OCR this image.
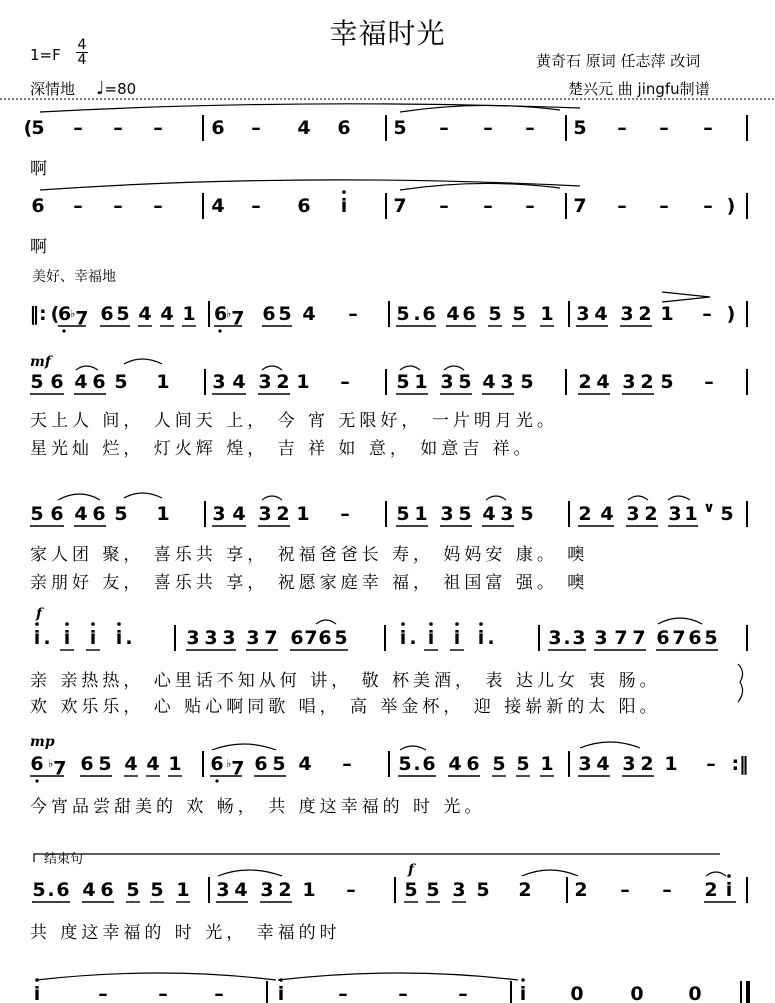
幸福时光
1=F
4
4
深情地 ♩=80
黄奇石 原词 任志萍 改词
楚兴元 曲 jingfu制谱
美好、幸福地
结束句
mf
f
mp
f
( 5 – – –	6 – 4 6 5 – – – 5 – – –
啊
6 – – –	4 – 6 i 7 – – – 7 – – – )
啊
‖: (
6
♭7 6 5 4 4 1 6
♭7 6 5 4 – 5 . 6 4 6 5 5 1 3 4 3 2 1 – )
5 6 4 6 5 1 3 4 3 2 1 – 5 1 3 5 4 3 5 2 4 3 2 5 –
天上人 间， 人间天 上， 今 宵 无限好， 一片明月光。
星光灿 烂， 灯火辉 煌， 吉 祥 如 意， 如意吉 祥。
5 6 4 6 5 1 3 4 3 2 1 – 5 1 3 5 4 3 5 2 4 3 2 3 1 ∨ 5
家人团 聚， 喜乐共 享， 祝福爸爸长 寿， 妈妈安 康。 噢
亲朋好 友， 喜乐共 享， 祝愿家庭幸 福， 祖国富 强。 噢
i . i i i .	3 3 3 3 7 6 7 6 5	i . i i i .	3 . 3 3 7 7 6 7 6 5
亲 亲热热， 心里话不知从何 讲， 敬 杯美酒， 表 达儿女 衷 肠。
欢 欢乐乐， 心 贴心啊同歌 唱， 高 举金杯， 迎 接崭新的太 阳。
6 ♭7 6 5 4 4 1 6 ♭7 6 5 4 – 5 . 6 4 6 5 5 1 3 4 3 2 1 – :‖
今宵品尝甜美的 欢 畅， 共 度这幸福的 时 光。
5 . 6 4 6 5 5 1 3 4 3 2 1 –	5 5 3 5 2 2 – – 2 i
共 度这幸福的 时 光， 幸福的时
i	–	– –	i	–	–	–	i 0 0 0
